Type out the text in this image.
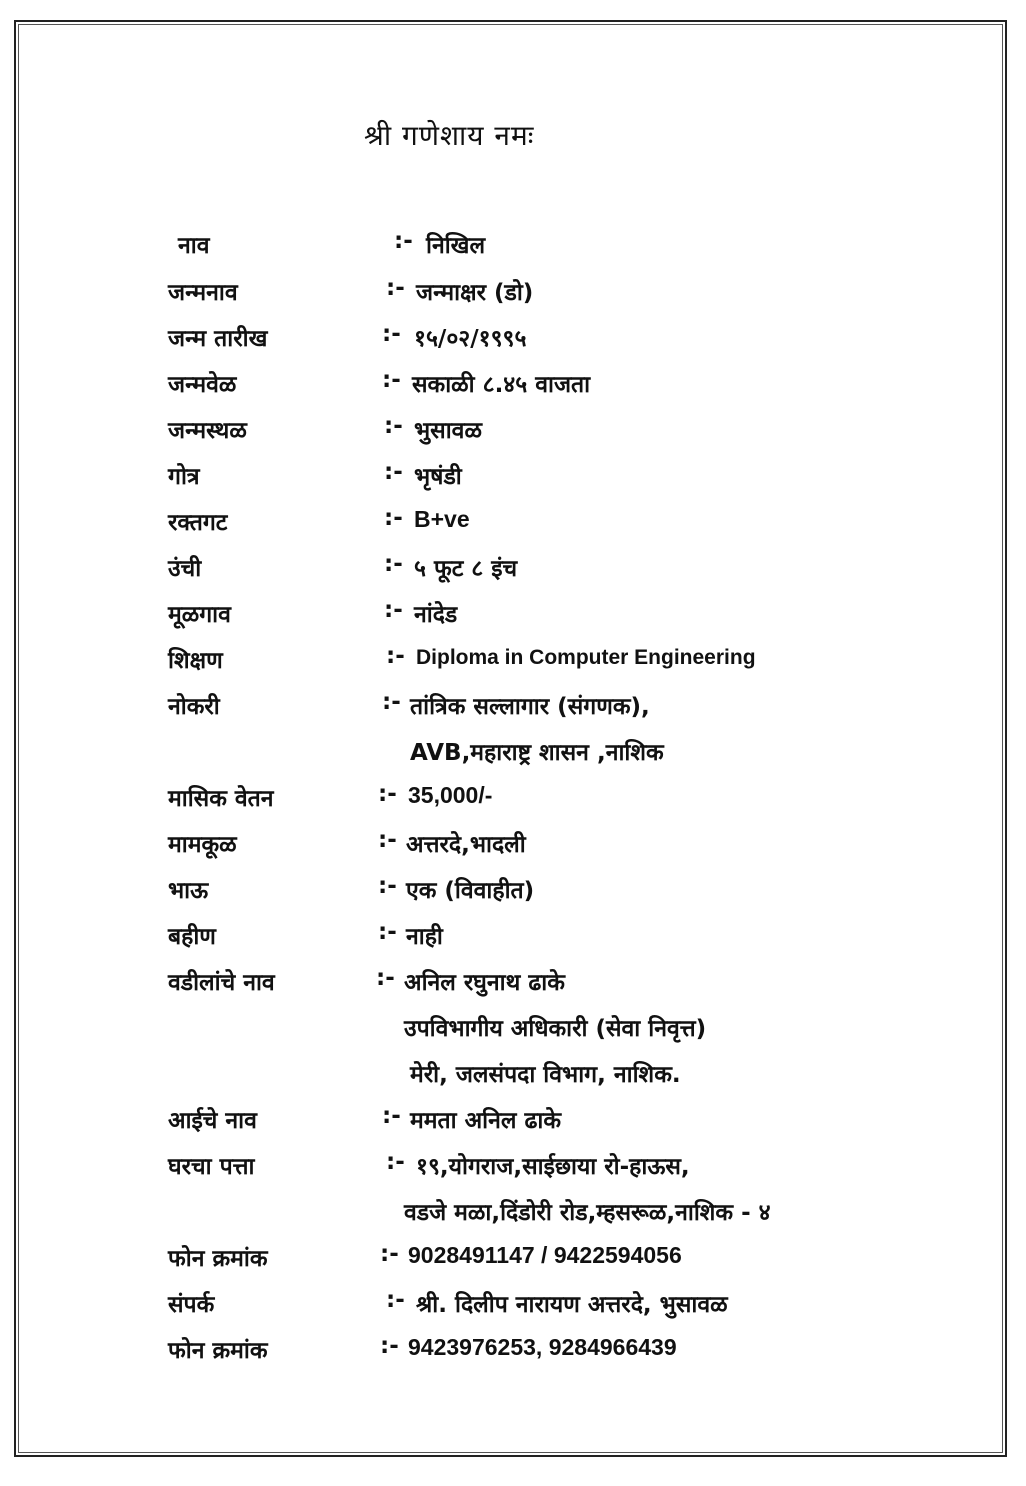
श्री गणेशाय नमः
नाव	:- निखिल
जन्मनाव	:- जन्माक्षर (डो)
जन्म तारीख	:- १५/०२/१९९५
जन्मवेळ	:- सकाळी ८.४५ वाजता
जन्मस्थळ	:- भुसावळ
गोत्र	:- भृषंडी
रक्तगट	:- B+ve
उंची	:- ५ फूट ८ इंच
मूळगाव	:- नांदेड
शिक्षण	:- Diploma in Computer Engineering
नोकरी	:- तांत्रिक सल्लागार (संगणक),
AVB,महाराष्ट्र शासन ,नाशिक
मासिक वेतन	:- 35,000/-
मामकूळ	:- अत्तरदे,भादली
भाऊ	:- एक (विवाहीत)
बहीण	:- नाही
वडीलांचे नाव	:- अनिल रघुनाथ ढाके
उपविभागीय अधिकारी (सेवा निवृत्त)
मेरी, जलसंपदा विभाग, नाशिक.
आईचे नाव	:- ममता अनिल ढाके
घरचा पत्ता	:- १९,योगराज,साईछाया रो-हाऊस,
वडजे मळा,दिंडोरी रोड,म्हसरूळ,नाशिक - ४
फोन क्रमांक	:- 9028491147 / 9422594056
संपर्क	:- श्री. दिलीप नारायण अत्तरदे, भुसावळ
फोन क्रमांक	:- 9423976253, 9284966439
